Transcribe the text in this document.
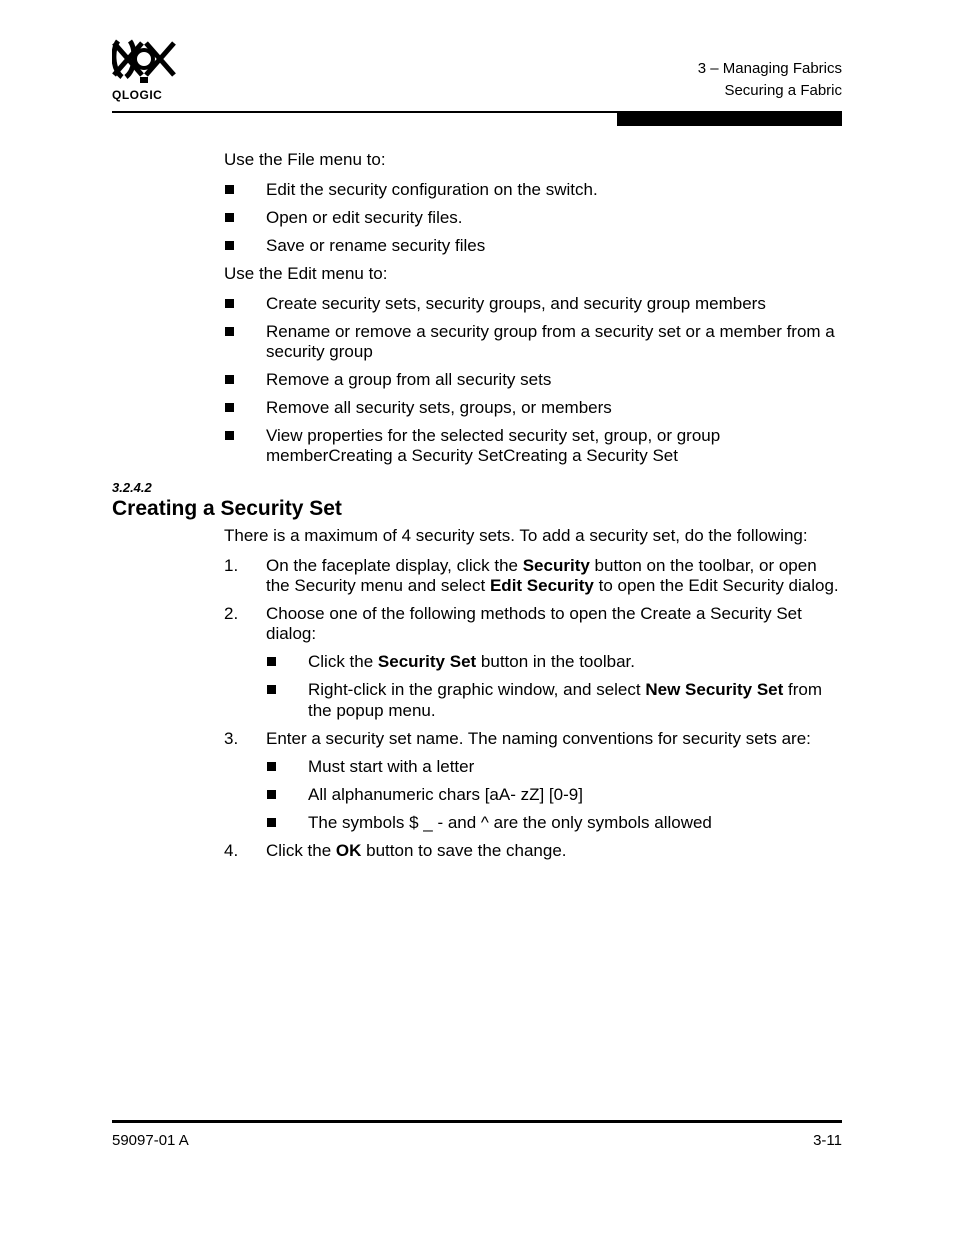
QLOGIC
3 – Managing Fabrics
Securing a Fabric
Use the File menu to:
Edit the security configuration on the switch.
Open or edit security files.
Save or rename security files
Use the Edit menu to:
Create security sets, security groups, and security group members
Rename or remove a security group from a security set or a member from a
security group
Remove a group from all security sets
Remove all security sets, groups, or members
View properties for the selected security set, group, or group
memberCreating a Security SetCreating a Security Set
3.2.4.2
Creating a Security Set
There is a maximum of 4 security sets. To add a security set, do the following:
1. On the faceplate display, click the Security button on the toolbar, or open
the Security menu and select Edit Security to open the Edit Security dialog.
2. Choose one of the following methods to open the Create a Security Set
dialog:
Click the Security Set button in the toolbar.
Right-click in the graphic window, and select New Security Set from
the popup menu.
3. Enter a security set name. The naming conventions for security sets are:
Must start with a letter
All alphanumeric chars [aA- zZ] [0-9]
The symbols $ _ - and ^ are the only symbols allowed
4. Click the OK button to save the change.
59097-01 A	3-11
